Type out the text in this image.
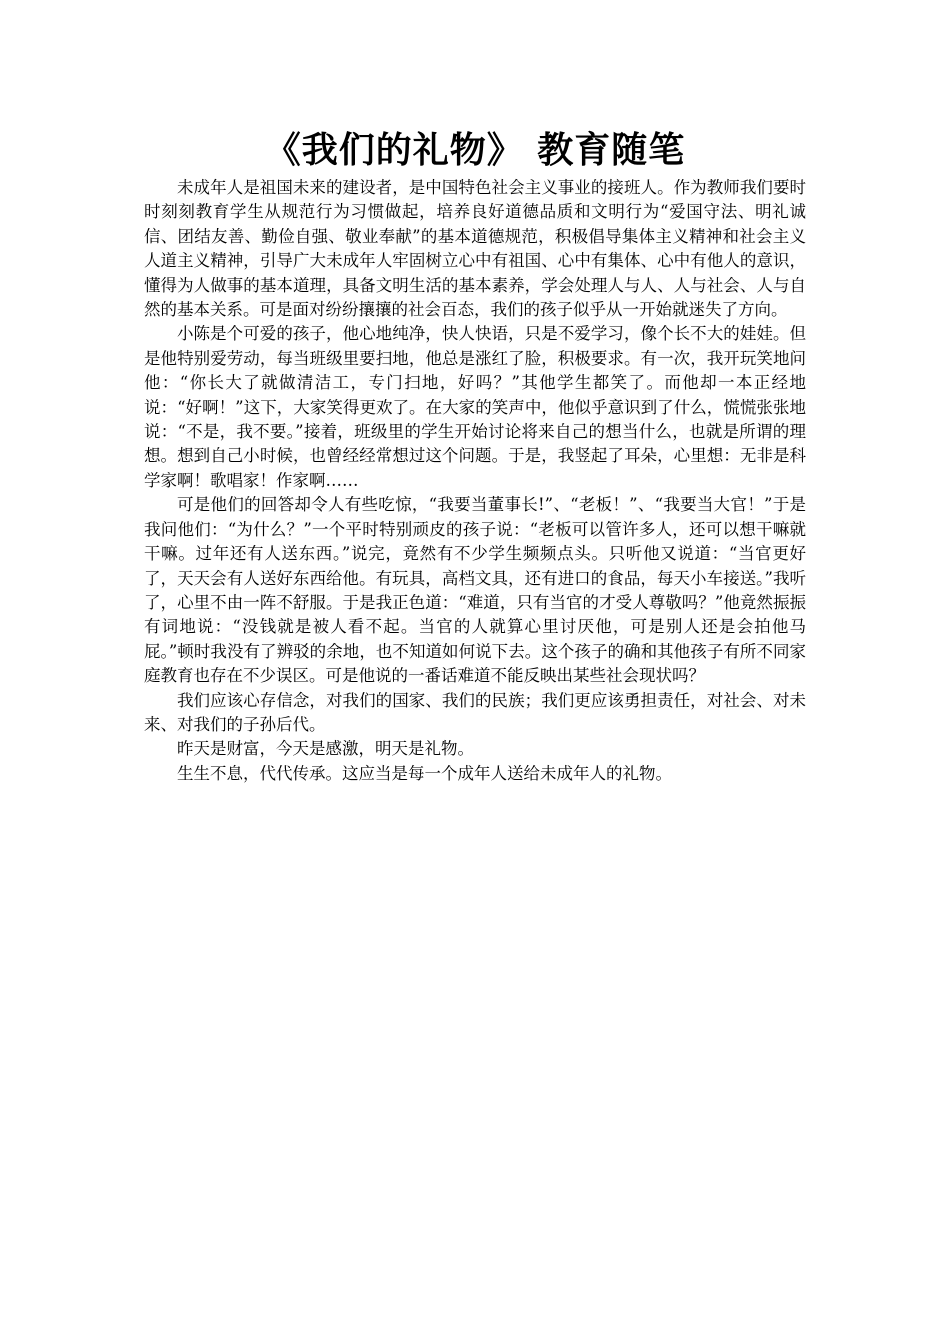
《我们的礼物》 教育随笔

未成年人是祖国未来的建设者，是中国特色社会主义事业的接班人。作为教师我们要时时刻刻教育学生从规范行为习惯做起，培养良好道德品质和文明行为“爱国守法、明礼诚信、团结友善、勤俭自强、敬业奉献”的基本道德规范，积极倡导集体主义精神和社会主义人道主义精神，引导广大未成年人牢固树立心中有祖国、心中有集体、心中有他人的意识，懂得为人做事的基本道理，具备文明生活的基本素养，学会处理人与人、人与社会、人与自然的基本关系。可是面对纷纷攘攘的社会百态，我们的孩子似乎从一开始就迷失了方向。

小陈是个可爱的孩子，他心地纯净，快人快语，只是不爱学习，像个长不大的娃娃。但是他特别爱劳动，每当班级里要扫地，他总是涨红了脸，积极要求。有一次，我开玩笑地问他：“你长大了就做清洁工，专门扫地，好吗？”其他学生都笑了。而他却一本正经地说：“好啊！”这下，大家笑得更欢了。在大家的笑声中，他似乎意识到了什么，慌慌张张地说：“不是，我不要。”接着，班级里的学生开始讨论将来自己的想当什么，也就是所谓的理想。想到自己小时候，也曾经经常想过这个问题。于是，我竖起了耳朵，心里想：无非是科学家啊！歌唱家！作家啊……

可是他们的回答却令人有些吃惊，“我要当董事长!”、“老板！”、“我要当大官！”于是我问他们：“为什么？”一个平时特别顽皮的孩子说：“老板可以管许多人，还可以想干嘛就干嘛。过年还有人送东西。”说完，竟然有不少学生频频点头。只听他又说道：“当官更好了，天天会有人送好东西给他。有玩具，高档文具，还有进口的食品，每天小车接送。”我听了，心里不由一阵不舒服。于是我正色道：“难道，只有当官的才受人尊敬吗？”他竟然振振有词地说：“没钱就是被人看不起。当官的人就算心里讨厌他，可是别人还是会拍他马屁。”顿时我没有了辨驳的余地，也不知道如何说下去。这个孩子的确和其他孩子有所不同家庭教育也存在不少误区。可是他说的一番话难道不能反映出某些社会现状吗？

我们应该心存信念，对我们的国家、我们的民族；我们更应该勇担责任，对社会、对未来、对我们的子孙后代。

昨天是财富，今天是感激，明天是礼物。

生生不息，代代传承。这应当是每一个成年人送给未成年人的礼物。
